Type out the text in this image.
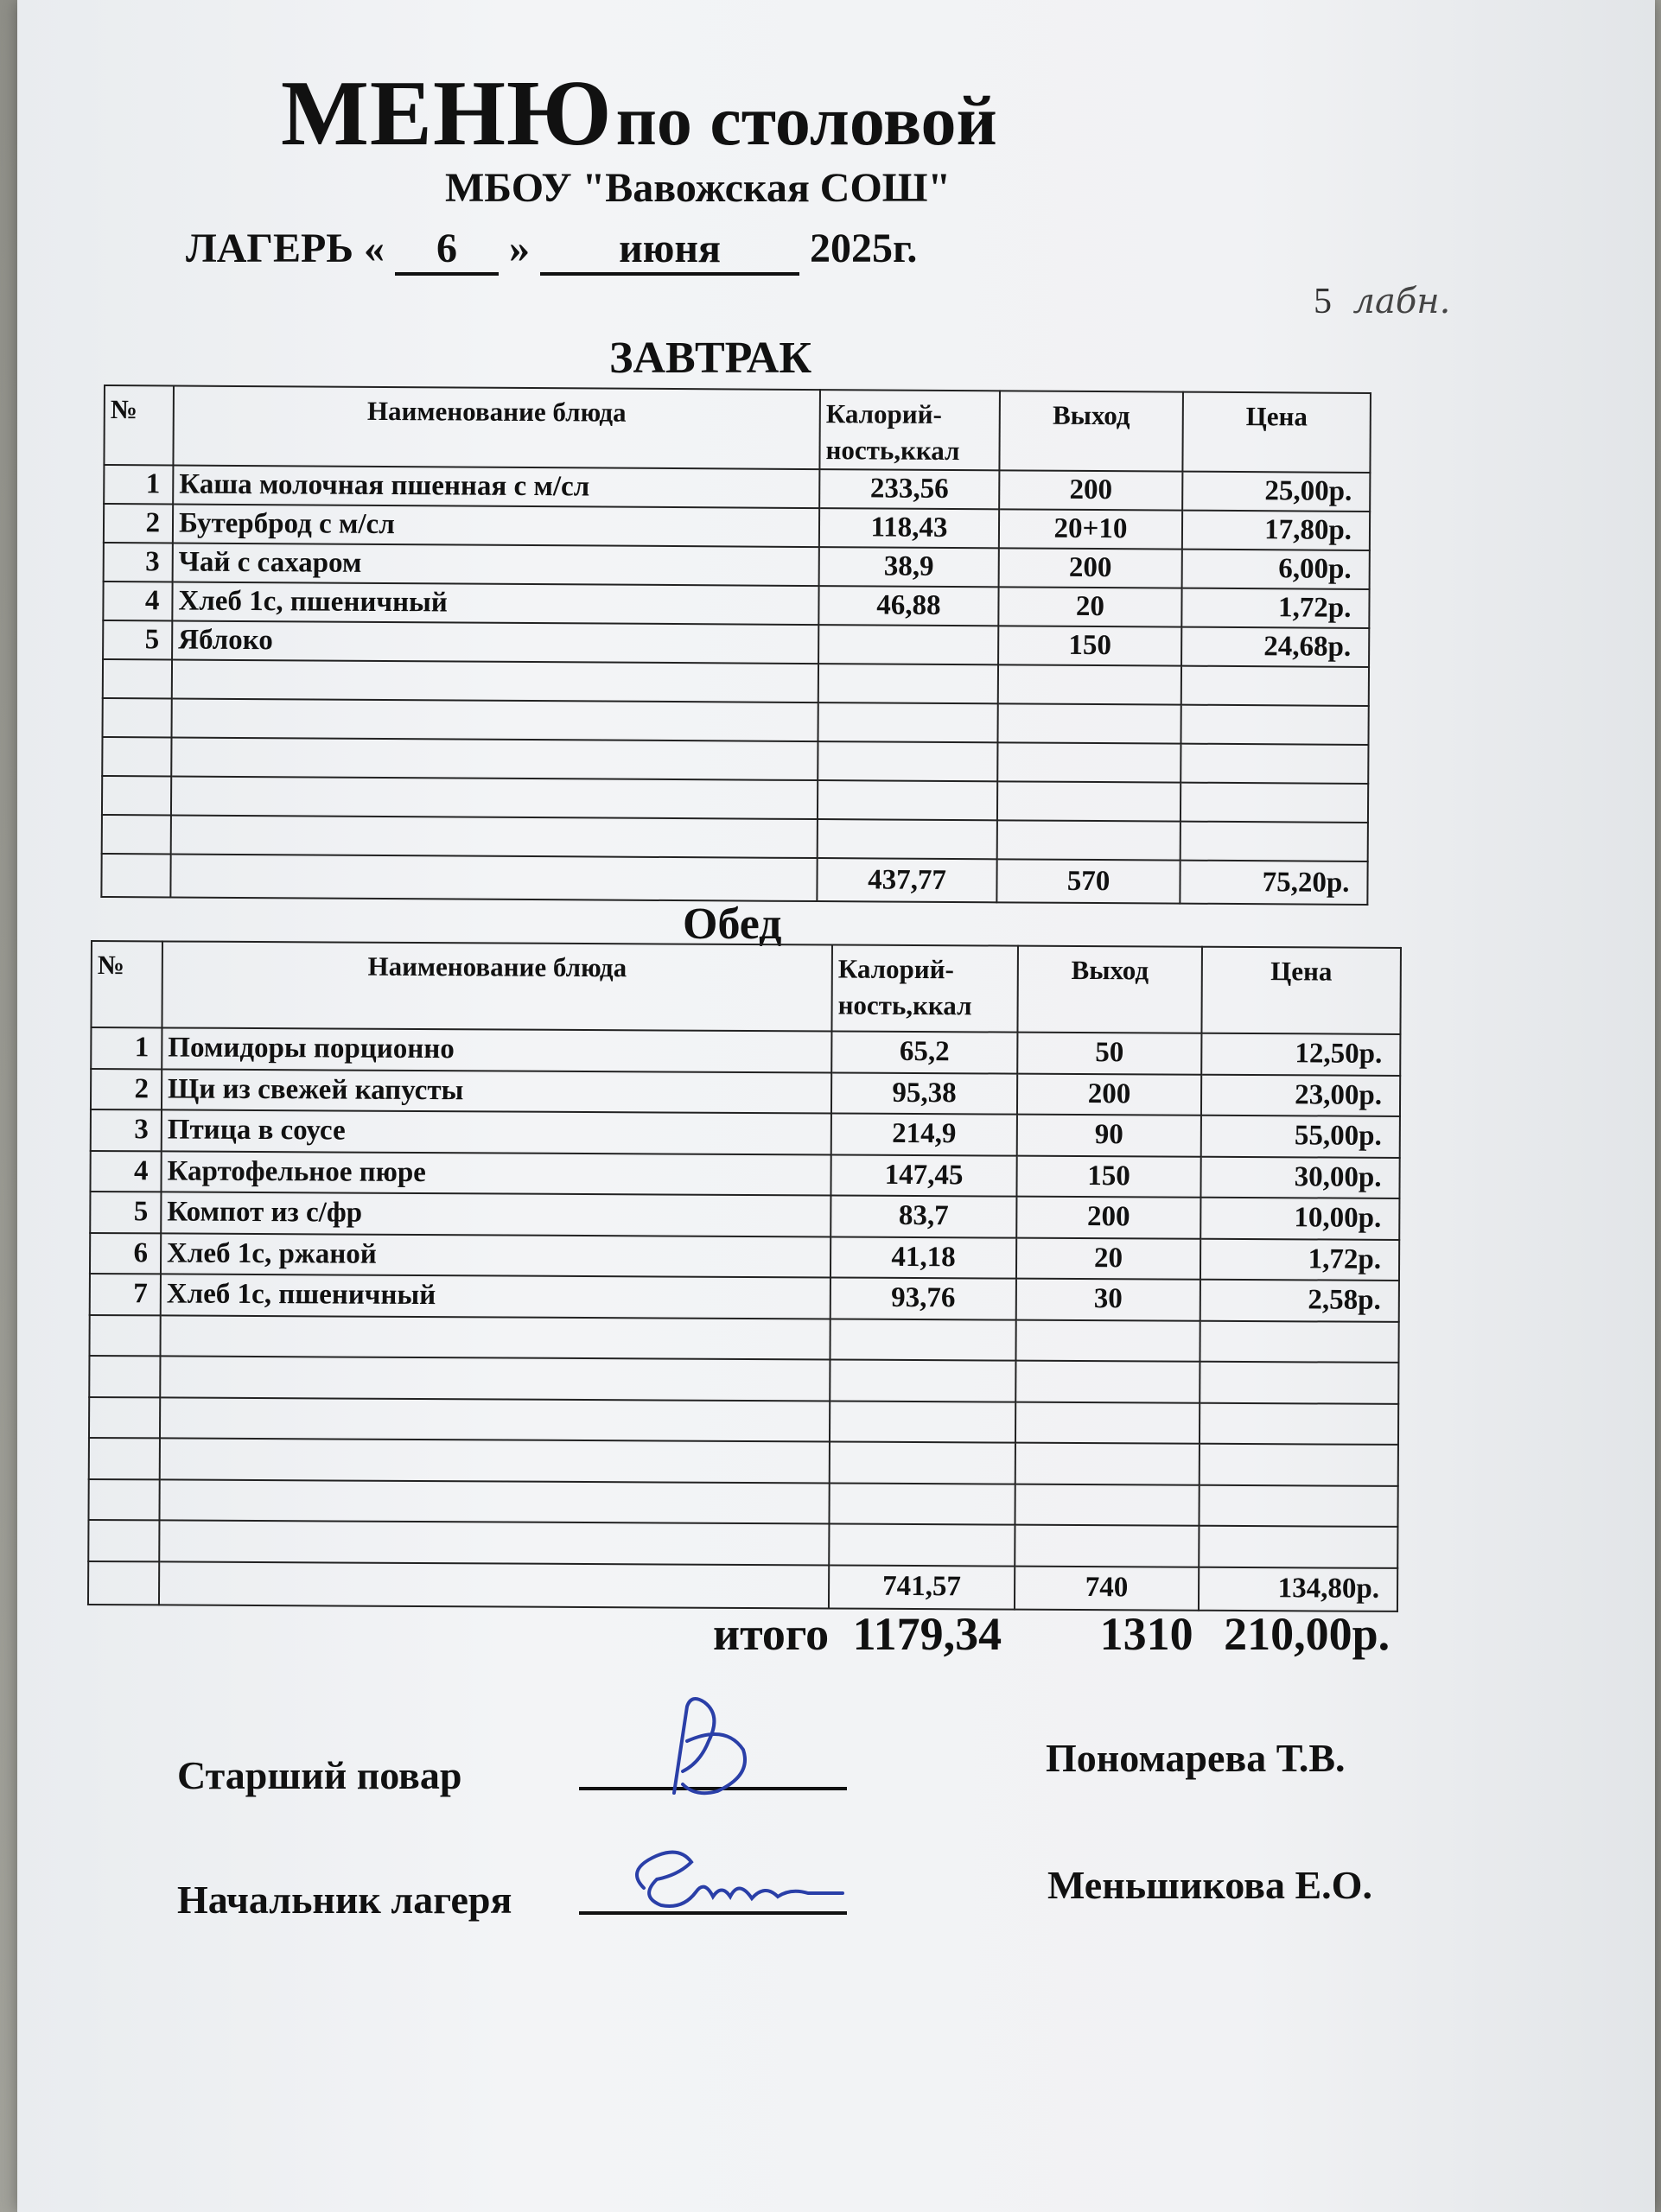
МЕНЮ по столовой
МБОУ "Вавожская СОШ"
ЛАГЕРЬ « 6 » июня 2025г.
5 лабн.
ЗАВТРАК
№	Наименование блюда	Калорий-ность,ккал	Выход	Цена
1	Каша молочная пшенная с м/сл	233,56	200	25,00р.
2	Бутерброд с м/сл	118,43	20+10	17,80р.
3	Чай с сахаром	38,9	200	6,00р.
4	Хлеб 1с, пшеничный	46,88	20	1,72р.
5	Яблоко		150	24,68р.

		437,77	570	75,20р.
Обед
№	Наименование блюда	Калорий-ность,ккал	Выход	Цена
1	Помидоры порционно	65,2	50	12,50р.
2	Щи из свежей капусты	95,38	200	23,00р.
3	Птица в соусе	214,9	90	55,00р.
4	Картофельное пюре	147,45	150	30,00р.
5	Компот из с/фр	83,7	200	10,00р.
6	Хлеб 1с, ржаной	41,18	20	1,72р.
7	Хлеб 1с, пшеничный	93,76	30	2,58р.

		741,57	740	134,80р.
итого 1179,34 1310 210,00р.
Старший повар	Пономарева Т.В.
Начальник лагеря	Меньшикова Е.О.
